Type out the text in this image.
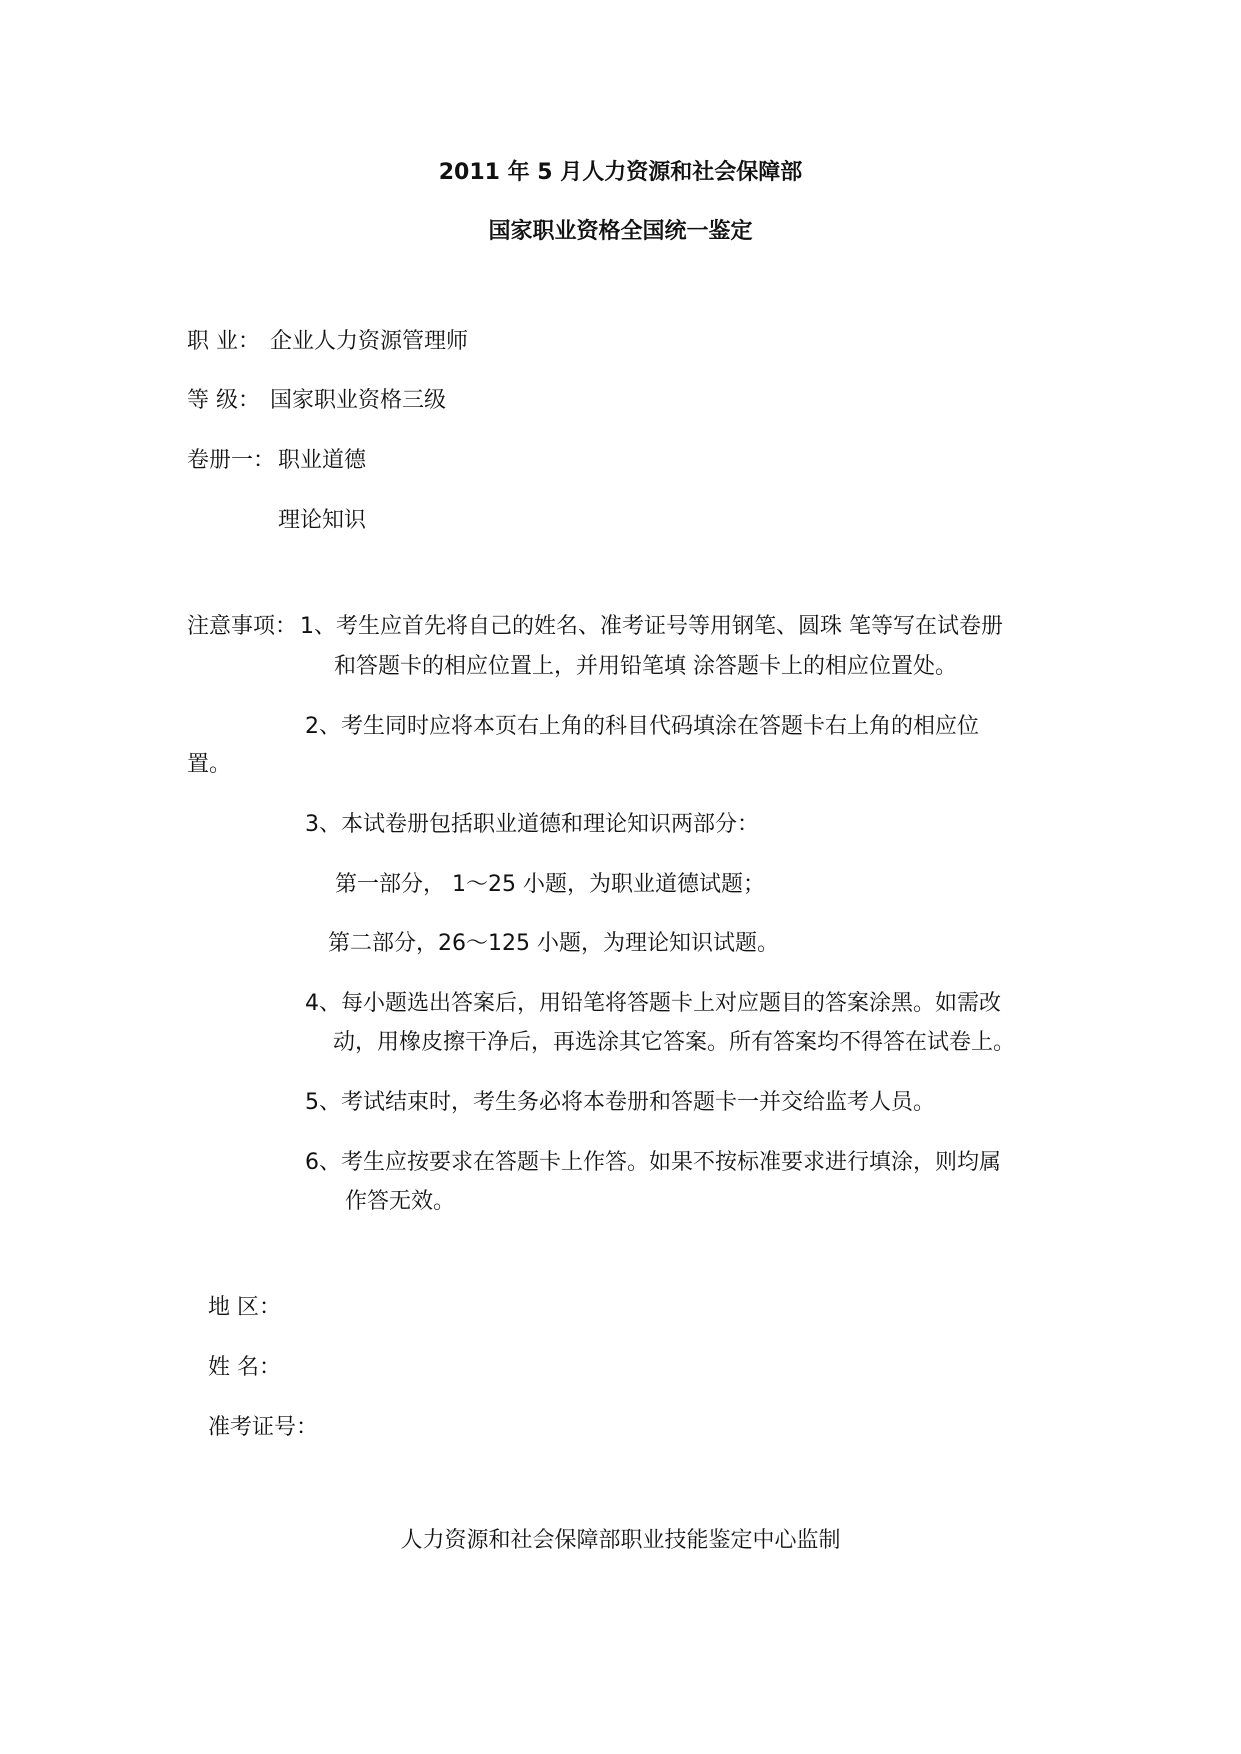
2011 年 5 月人力资源和社会保障部
国家职业资格全国统一鉴定
职 业： 企业人力资源管理师
等 级： 国家职业资格三级
卷册一： 职业道德
理论知识
注意事项： 1、考生应首先将自己的姓名、准考证号等用钢笔、圆珠 笔等写在试卷册
和答题卡的相应位置上，并用铅笔填 涂答题卡上的相应位置处。
2、考生同时应将本页右上角的科目代码填涂在答题卡右上角的相应位
置。
3、本试卷册包括职业道德和理论知识两部分：
第一部分， 1～25 小题，为职业道德试题；
第二部分，26～125 小题，为理论知识试题。
4、每小题选出答案后，用铅笔将答题卡上对应题目的答案涂黑。如需改
动，用橡皮擦干净后，再选涂其它答案。所有答案均不得答在试卷上。
5、考试结束时，考生务必将本卷册和答题卡一并交给监考人员。
6、考生应按要求在答题卡上作答。如果不按标准要求进行填涂，则均属
作答无效。
地 区：
姓 名：
准考证号：
人力资源和社会保障部职业技能鉴定中心监制
